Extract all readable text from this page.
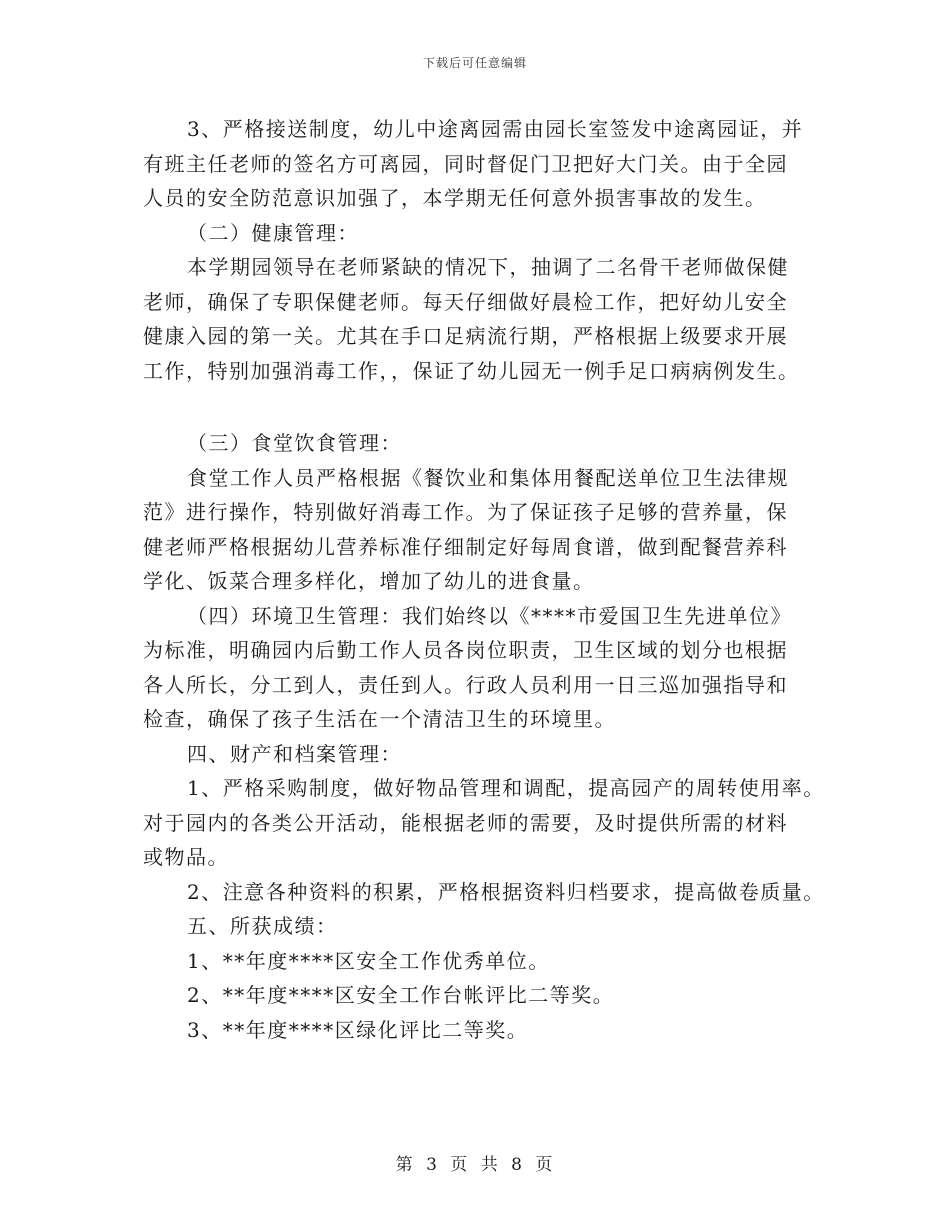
下载后可任意编辑
3、严格接送制度，幼儿中途离园需由园长室签发中途离园证，并
有班主任老师的签名方可离园，同时督促门卫把好大门关。由于全园
人员的安全防范意识加强了，本学期无任何意外损害事故的发生。
（二）健康管理：
本学期园领导在老师紧缺的情况下，抽调了二名骨干老师做保健
老师，确保了专职保健老师。每天仔细做好晨检工作，把好幼儿安全
健康入园的第一关。尤其在手口足病流行期，严格根据上级要求开展
工作，特别加强消毒工作，，保证了幼儿园无一例手足口病病例发生。
（三）食堂饮食管理：
食堂工作人员严格根据《餐饮业和集体用餐配送单位卫生法律规
范》进行操作，特别做好消毒工作。为了保证孩子足够的营养量，保
健老师严格根据幼儿营养标准仔细制定好每周食谱，做到配餐营养科
学化、饭菜合理多样化，增加了幼儿的进食量。
（四）环境卫生管理：我们始终以《****市爱国卫生先进单位》
为标准，明确园内后勤工作人员各岗位职责，卫生区域的划分也根据
各人所长，分工到人，责任到人。行政人员利用一日三巡加强指导和
检查，确保了孩子生活在一个清洁卫生的环境里。
四、财产和档案管理：
1、严格采购制度，做好物品管理和调配，提高园产的周转使用率。
对于园内的各类公开活动，能根据老师的需要，及时提供所需的材料
或物品。
2、注意各种资料的积累，严格根据资料归档要求，提高做卷质量。
五、所获成绩：
1、**年度****区安全工作优秀单位。
2、**年度****区安全工作台帐评比二等奖。
3、**年度****区绿化评比二等奖。
第 3 页 共 8 页
